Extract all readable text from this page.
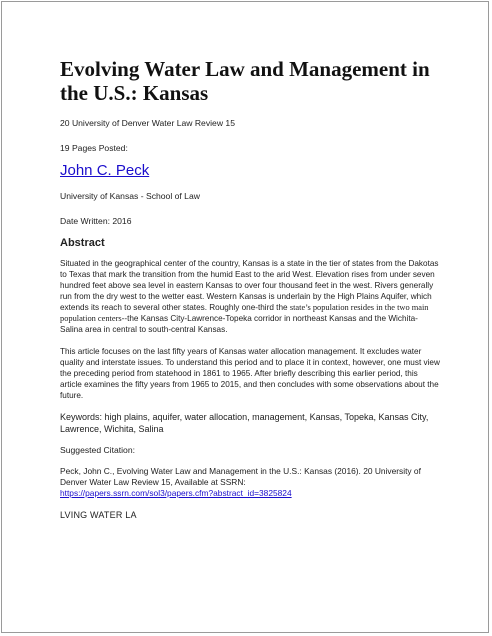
Evolving Water Law and Management in the U.S.: Kansas

20 University of Denver Water Law Review 15

19 Pages Posted:

John C. Peck

University of Kansas - School of Law

Date Written: 2016

Abstract

Situated in the geographical center of the country, Kansas is a state in the tier of states from the Dakotas to Texas that mark the transition from the humid East to the arid West. Elevation rises from under seven hundred feet above sea level in eastern Kansas to over four thousand feet in the west. Rivers generally run from the dry west to the wetter east. Western Kansas is underlain by the High Plains Aquifer, which extends its reach to several other states. Roughly one-third the state’s population resides in the two main population centers--the Kansas City-Lawrence-Topeka corridor in northeast Kansas and the Wichita-Salina area in central to south-central Kansas.

This article focuses on the last fifty years of Kansas water allocation management. It excludes water quality and interstate issues. To understand this period and to place it in context, however, one must view the preceding period from statehood in 1861 to 1965. After briefly describing this earlier period, this article examines the fifty years from 1965 to 2015, and then concludes with some observations about the future.

Keywords: high plains, aquifer, water allocation, management, Kansas, Topeka, Kansas City, Lawrence, Wichita, Salina

Suggested Citation:

Peck, John C., Evolving Water Law and Management in the U.S.: Kansas (2016). 20 University of Denver Water Law Review 15, Available at SSRN:
https://papers.ssrn.com/sol3/papers.cfm?abstract_id=3825824

LVING WATER LA
